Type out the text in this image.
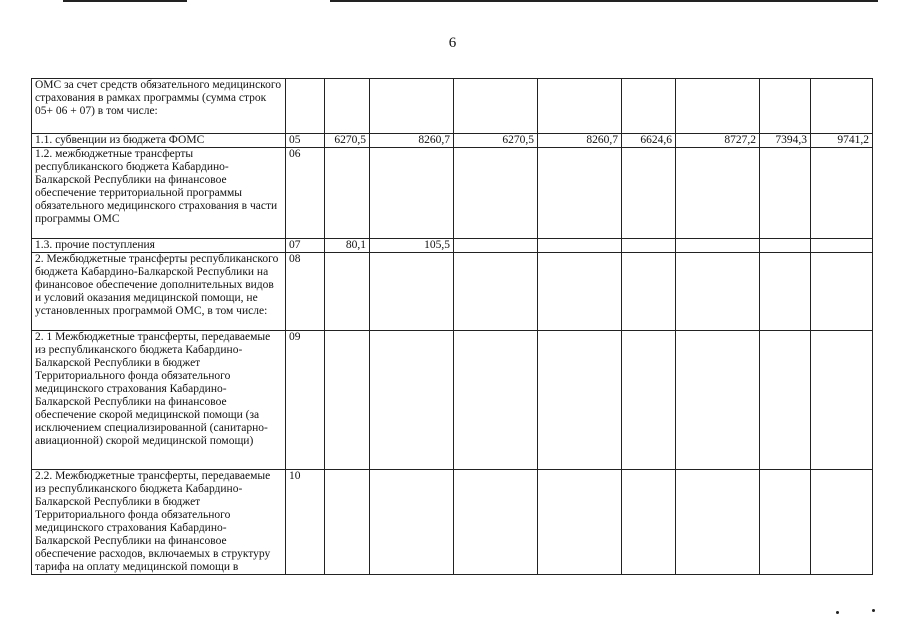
6
ОМС за счет средств обязательного медицинского страхования в рамках программы (сумма строк 05+ 06 + 07) в том числе:									
1.1. субвенции из бюджета ФОМС	05	6270,5	8260,7	6270,5	8260,7	6624,6	8727,2	7394,3	9741,2
1.2. межбюджетные трансферты республиканского бюджета Кабардино-Балкарской Республики на финансовое обеспечение территориальной программы обязательного медицинского страхования в части программы ОМС	06								
1.3. прочие поступления	07	80,1	105,5						
2. Межбюджетные трансферты республиканского бюджета Кабардино-Балкарской Республики на финансовое обеспечение дополнительных видов и условий оказания медицинской помощи, не установленных программой ОМС, в том числе:	08								
2. 1 Межбюджетные трансферты, передаваемые из республиканского бюджета Кабардино-Балкарской Республики в бюджет Территориального фонда обязательного медицинского страхования Кабардино-Балкарской Республики на финансовое обеспечение скорой медицинской помощи (за исключением специализированной (санитарно-авиационной) скорой медицинской помощи)	09								
2.2. Межбюджетные трансферты, передаваемые из республиканского бюджета Кабардино-Балкарской Республики в бюджет Территориального фонда обязательного медицинского страхования Кабардино-Балкарской Республики на финансовое обеспечение расходов, включаемых в структуру тарифа на оплату медицинской помощи в	10								
